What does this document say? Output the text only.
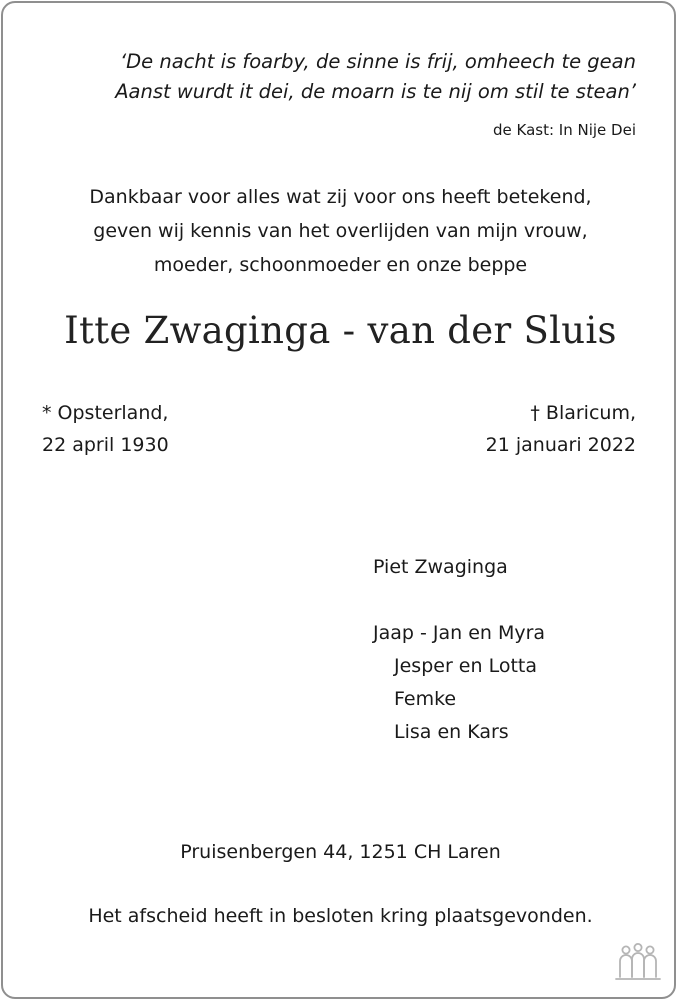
‘De nacht is foarby, de sinne is frij, omheech te gean
Aanst wurdt it dei, de moarn is te nij om stil te stean’
de Kast: In Nije Dei
Dankbaar voor alles wat zij voor ons heeft betekend,
geven wij kennis van het overlijden van mijn vrouw,
moeder, schoonmoeder en onze beppe
Itte Zwaginga - van der Sluis
* Opsterland,
22 april 1930
† Blaricum,
21 januari 2022
Piet Zwaginga
Jaap - Jan en Myra
Jesper en Lotta
Femke
Lisa en Kars
Pruisenbergen 44, 1251 CH Laren
Het afscheid heeft in besloten kring plaatsgevonden.
